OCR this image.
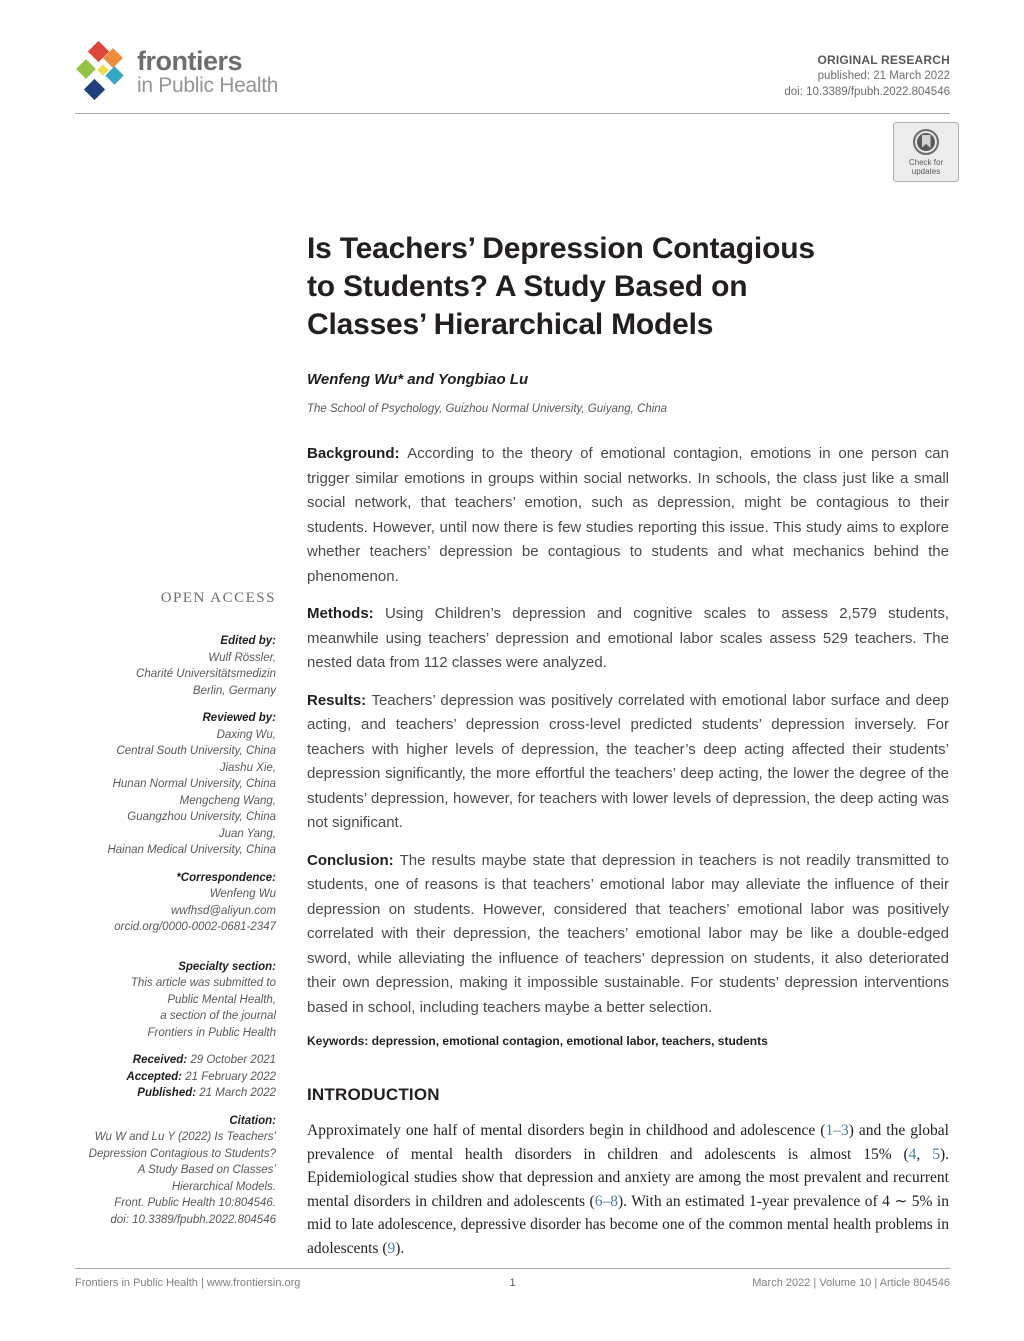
frontiers
in Public Health
ORIGINAL RESEARCH
published: 21 March 2022
doi: 10.3389/fpubh.2022.804546
Check for
updates
OPEN ACCESS
Edited by:
Wulf Rössler,
Charité Universitätsmedizin
Berlin, Germany
Reviewed by:
Daxing Wu,
Central South University, China
Jiashu Xie,
Hunan Normal University, China
Mengcheng Wang,
Guangzhou University, China
Juan Yang,
Hainan Medical University, China
*Correspondence:
Wenfeng Wu
wwfhsd@aliyun.com
orcid.org/0000-0002-0681-2347
Specialty section:
This article was submitted to
Public Mental Health,
a section of the journal
Frontiers in Public Health
Received: 29 October 2021
Accepted: 21 February 2022
Published: 21 March 2022
Citation:
Wu W and Lu Y (2022) Is Teachers’
Depression Contagious to Students?
A Study Based on Classes’
Hierarchical Models.
Front. Public Health 10:804546.
doi: 10.3389/fpubh.2022.804546
Is Teachers’ Depression Contagious
to Students? A Study Based on
Classes’ Hierarchical Models
Wenfeng Wu* and Yongbiao Lu
The School of Psychology, Guizhou Normal University, Guiyang, China

Background: According to the theory of emotional contagion, emotions in one person can trigger similar emotions in groups within social networks. In schools, the class just like a small social network, that teachers’ emotion, such as depression, might be contagious to their students. However, until now there is few studies reporting this issue. This study aims to explore whether teachers’ depression be contagious to students and what mechanics behind the phenomenon.

Methods: Using Children’s depression and cognitive scales to assess 2,579 students, meanwhile using teachers’ depression and emotional labor scales assess 529 teachers. The nested data from 112 classes were analyzed.

Results: Teachers’ depression was positively correlated with emotional labor surface and deep acting, and teachers’ depression cross-level predicted students’ depression inversely. For teachers with higher levels of depression, the teacher’s deep acting affected their students’ depression significantly, the more effortful the teachers’ deep acting, the lower the degree of the students’ depression, however, for teachers with lower levels of depression, the deep acting was not significant.

Conclusion: The results maybe state that depression in teachers is not readily transmitted to students, one of reasons is that teachers’ emotional labor may alleviate the influence of their depression on students. However, considered that teachers’ emotional labor was positively correlated with their depression, the teachers’ emotional labor may be like a double-edged sword, while alleviating the influence of teachers’ depression on students, it also deteriorated their own depression, making it impossible sustainable. For students’ depression interventions based in school, including teachers maybe a better selection.

Keywords: depression, emotional contagion, emotional labor, teachers, students
INTRODUCTION

Approximately one half of mental disorders begin in childhood and adolescence (1–3) and the global prevalence of mental health disorders in children and adolescents is almost 15% (4, 5). Epidemiological studies show that depression and anxiety are among the most prevalent and recurrent mental disorders in children and adolescents (6–8). With an estimated 1-year prevalence of 4 ∼ 5% in mid to late adolescence, depressive disorder has become one of the common mental health problems in adolescents (9).

Frontiers in Public Health | www.frontiersin.org	1	March 2022 | Volume 10 | Article 804546
